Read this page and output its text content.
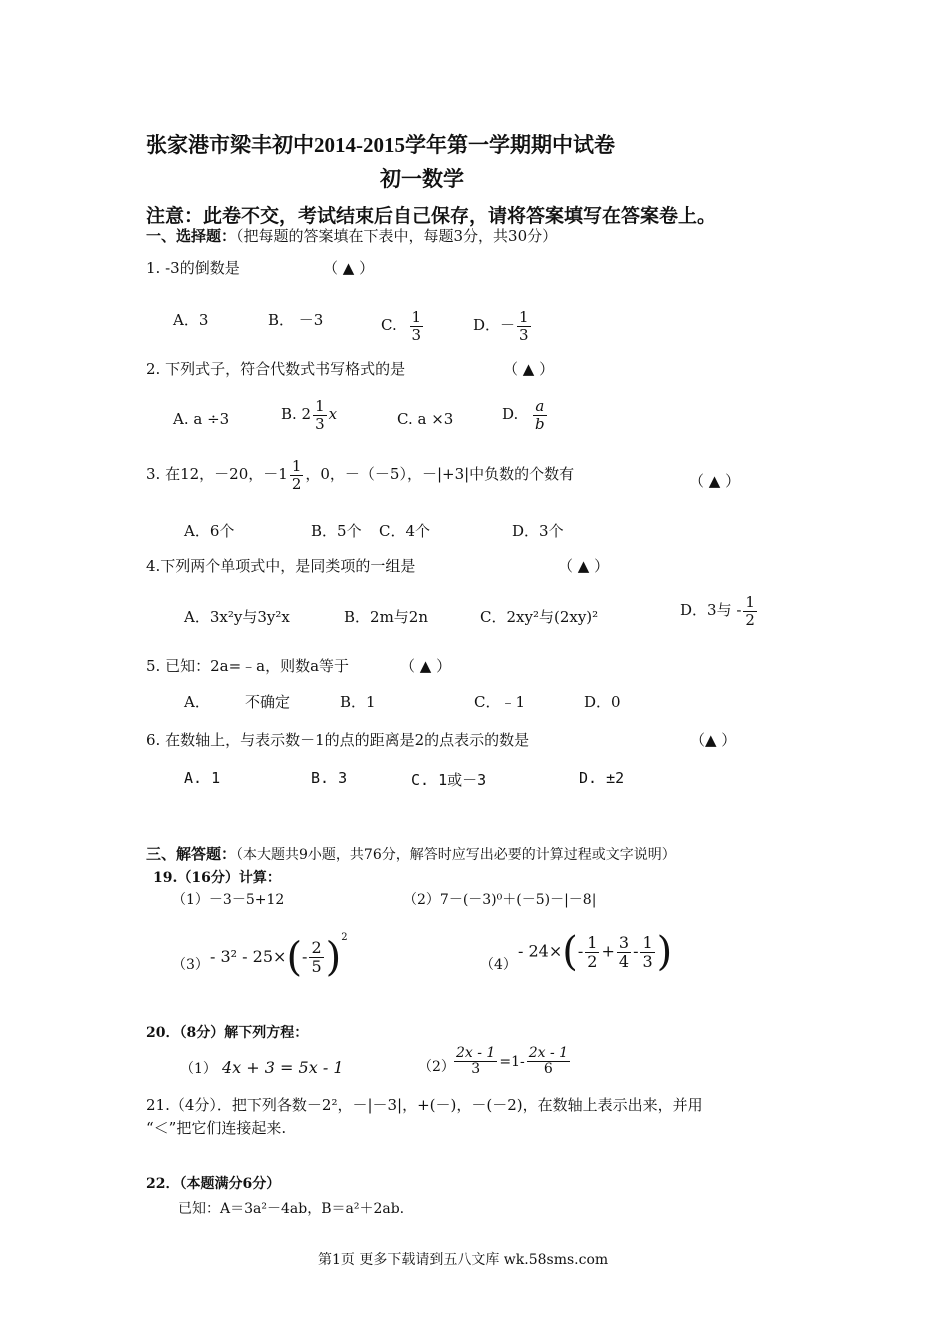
张家港市梁丰初中2014-2015学年第一学期期中试卷
初一数学
注意：此卷不交，考试结束后自己保存，请将答案填写在答案卷上。
一、选择题：（把每题的答案填在下表中，每题3分，共30分）
1. -3的倒数是	（ ▲ ）
A．3	B． －3	C. $\frac{1}{3}$	D．－ $\frac{1}{3}$
2. 下列式子，符合代数式书写格式的是	（ ▲ ）
A. a ÷3	B. $2 \frac{1}{3}$ x	C. a ×3	D. $\frac{a}{b}$
3. 在12，－20，$-1 \frac{1}{2}$ ，0，－（－5），－|+3|中负数的个数有	（ ▲ ）
A．6个	B．5个 C．4个	D．3个
4.下列两个单项式中，是同类项的一组是	（ ▲ ）
A．3x²y与3y²x	B．2m与2n	C．2xy²与(2xy)²	D．3与 - $\frac{1}{2}$
5. 已知：2a=﹣a，则数a等于	（ ▲ ）
A． 不确定	B．1	C．﹣1	D．0
6. 在数轴上，与表示数－1的点的距离是2的点表示的数是	（▲ ）
A. 1	B. 3	C. 1或－3	D. ±2
三、解答题：（本大题共9小题，共76分，解答时应写出必要的计算过程或文字说明）
19.（16分）计算：
（1）－3－5+12	（2）7－(－3)⁰＋(－5)－|－8|
$(3) - 3^2 - 25\times(- \frac{2}{5} )^2$
（4）
- $24\times(- \frac{1}{2} + \frac{3}{4} - \frac{1}{3}$ )
20．（8分）解下列方程：
（1） 4x + 3 = 5x - 1	$(2) \frac{2x - 1}{3} =1- \frac{2x - 1}{6}$
21.（4分）．把下列各数－2²，－|－3|，+(－)，－(－2)，在数轴上表示出来，并用
“＜”把它们连接起来.
22．（本题满分6分）
已知：A＝3a²－4ab，B＝a²＋2ab.
第1页 更多下载请到五八文库 wk.58sms.com
